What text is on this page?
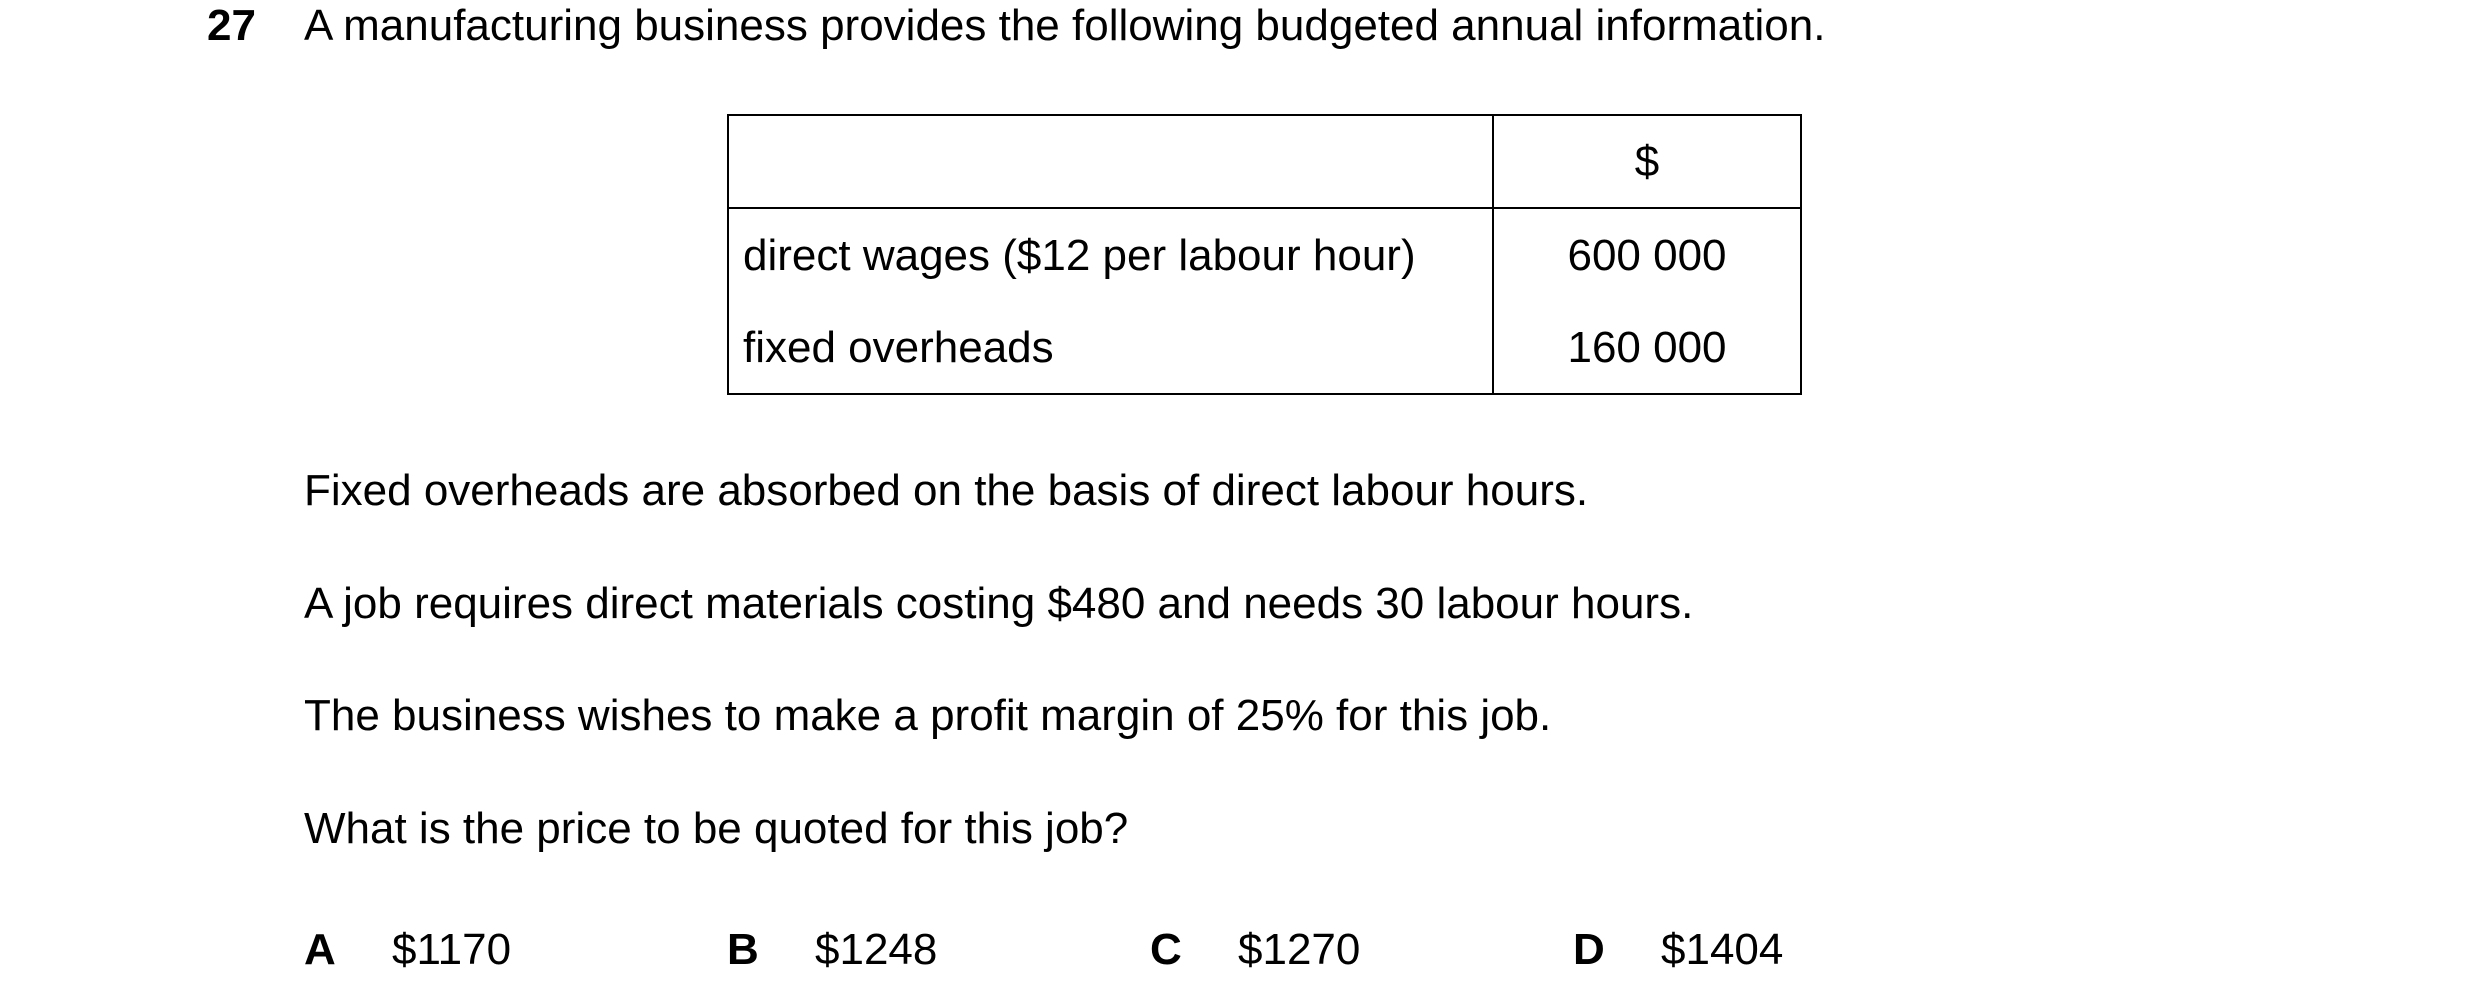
27 A manufacturing business provides the following budgeted annual information.
	$
direct wages ($12 per labour hour)	600 000
fixed overheads	160 000
Fixed overheads are absorbed on the basis of direct labour hours.
A job requires direct materials costing $480 and needs 30 labour hours.
The business wishes to make a profit margin of 25% for this job.
What is the price to be quoted for this job?
A $1170	B $1248	C $1270	D $1404
